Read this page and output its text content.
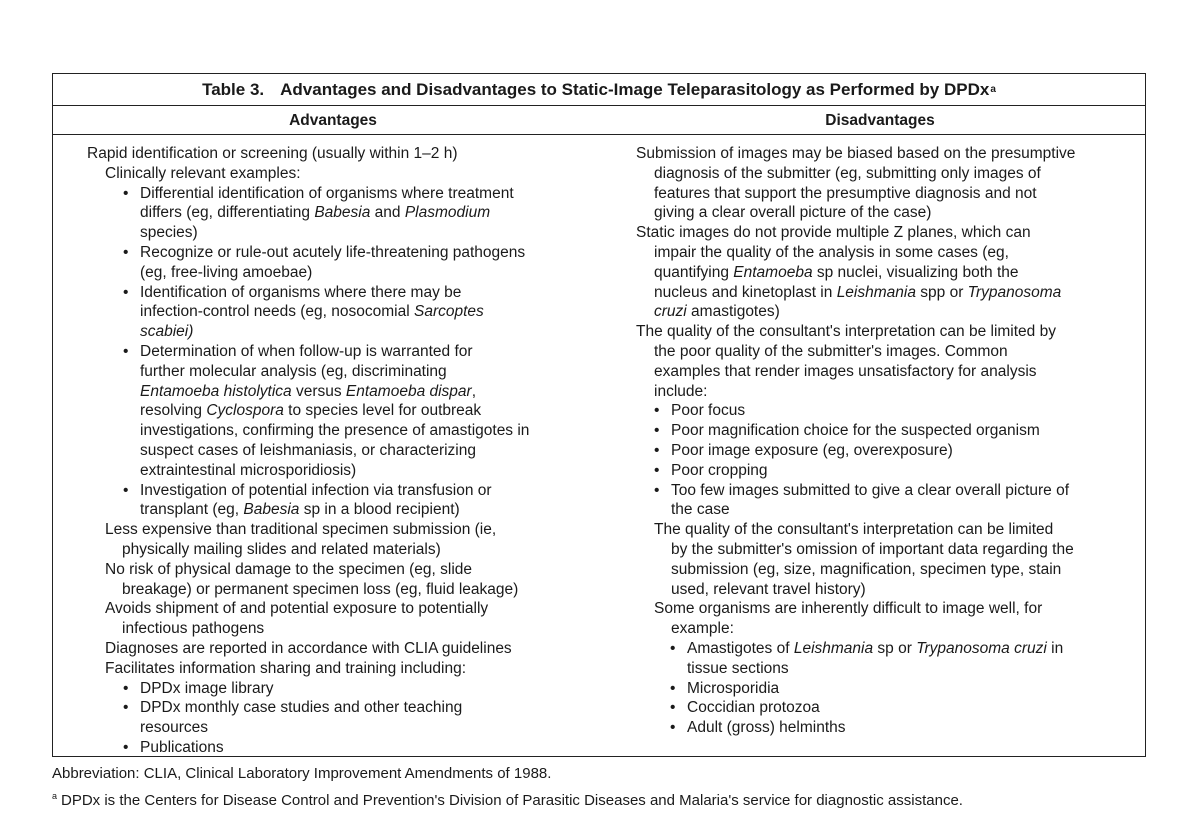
Table 3. Advantages and Disadvantages to Static-Image Teleparasitology as Performed by DPDx a
Advantages	Disadvantages
Rapid identification or screening (usually within 1–2 h)
Clinically relevant examples:
• Differential identification of organisms where treatment
differs (eg, differentiating Babesia and Plasmodium
species)
• Recognize or rule-out acutely life-threatening pathogens
(eg, free-living amoebae)
• Identification of organisms where there may be
infection-control needs (eg, nosocomial Sarcoptes
scabiei)
• Determination of when follow-up is warranted for
further molecular analysis (eg, discriminating
Entamoeba histolytica versus Entamoeba dispar,
resolving Cyclospora to species level for outbreak
investigations, confirming the presence of amastigotes in
suspect cases of leishmaniasis, or characterizing
extraintestinal microsporidiosis)
• Investigation of potential infection via transfusion or
transplant (eg, Babesia sp in a blood recipient)
Less expensive than traditional specimen submission (ie,
physically mailing slides and related materials)
No risk of physical damage to the specimen (eg, slide
breakage) or permanent specimen loss (eg, fluid leakage)
Avoids shipment of and potential exposure to potentially
infectious pathogens
Diagnoses are reported in accordance with CLIA guidelines
Facilitates information sharing and training including:
• DPDx image library
• DPDx monthly case studies and other teaching
resources
• Publications
Submission of images may be biased based on the presumptive
diagnosis of the submitter (eg, submitting only images of
features that support the presumptive diagnosis and not
giving a clear overall picture of the case)
Static images do not provide multiple Z planes, which can
impair the quality of the analysis in some cases (eg,
quantifying Entamoeba sp nuclei, visualizing both the
nucleus and kinetoplast in Leishmania spp or Trypanosoma
cruzi amastigotes)
The quality of the consultant's interpretation can be limited by
the poor quality of the submitter's images. Common
examples that render images unsatisfactory for analysis
include:
• Poor focus
• Poor magnification choice for the suspected organism
• Poor image exposure (eg, overexposure)
• Poor cropping
• Too few images submitted to give a clear overall picture of
the case
The quality of the consultant's interpretation can be limited
by the submitter's omission of important data regarding the
submission (eg, size, magnification, specimen type, stain
used, relevant travel history)
Some organisms are inherently difficult to image well, for
example:
• Amastigotes of Leishmania sp or Trypanosoma cruzi in
tissue sections
• Microsporidia
• Coccidian protozoa
• Adult (gross) helminths
Abbreviation: CLIA, Clinical Laboratory Improvement Amendments of 1988.
$^a$ DPDx is the Centers for Disease Control and Prevention's Division of Parasitic Diseases and Malaria's service for diagnostic assistance.
